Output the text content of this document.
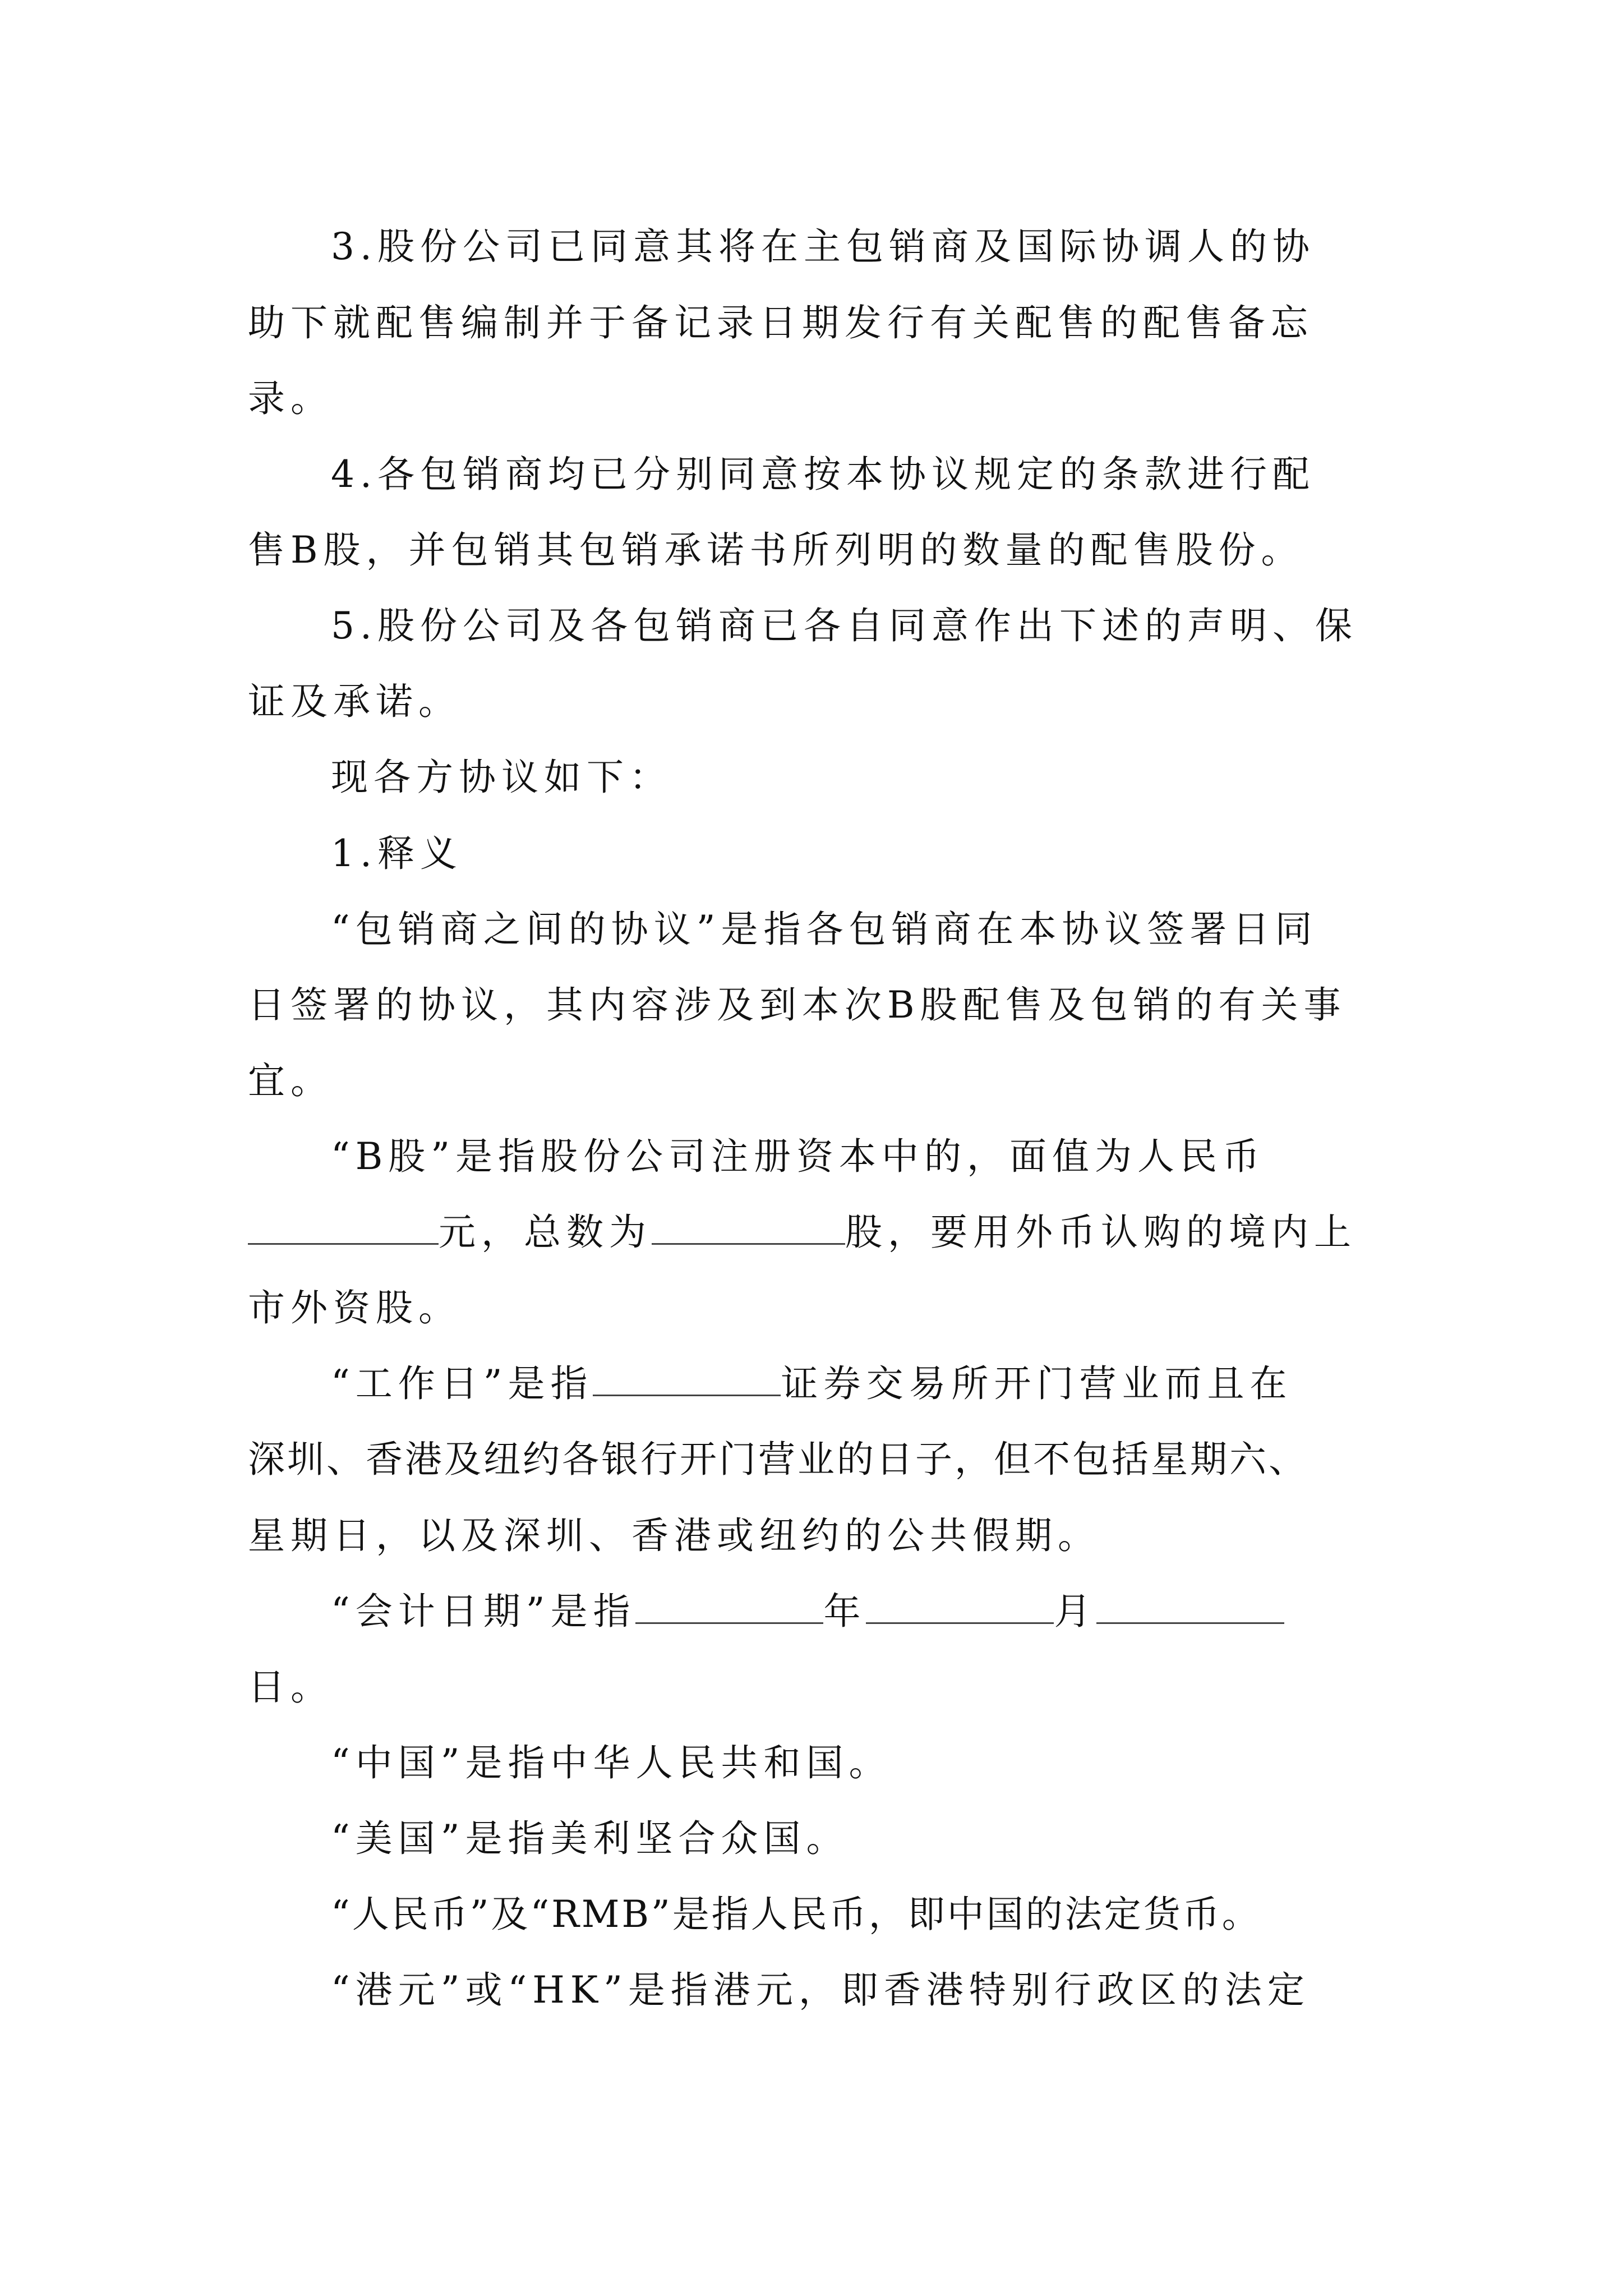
3.股份公司已同意其将在主包销商及国际协调人的协
助下就配售编制并于备记录日期发行有关配售的配售备忘
录。
4.各包销商均已分别同意按本协议规定的条款进行配
售B股，并包销其包销承诺书所列明的数量的配售股份。
5.股份公司及各包销商已各自同意作出下述的声明、保
证及承诺。
现各方协议如下：
1.释义
“包销商之间的协议”是指各包销商在本协议签署日同
日签署的协议，其内容涉及到本次B股配售及包销的有关事
宜。
“B股”是指股份公司注册资本中的，面值为人民币
元，总数为	股，要用外币认购的境内上
市外资股。
“工作日”是指	证券交易所开门营业而且在
深圳、香港及纽约各银行开门营业的日子，但不包括星期六、
星期日，以及深圳、香港或纽约的公共假期。
“会计日期”是指	年	月
日。
“中国”是指中华人民共和国。
“美国”是指美利坚合众国。
“人民币”及“RMB”是指人民币，即中国的法定货币。
“港元”或“HK”是指港元，即香港特别行政区的法定
